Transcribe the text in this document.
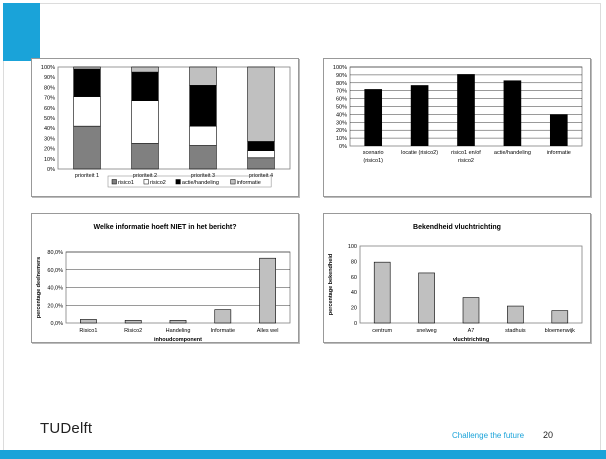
0%
10%
20%
30%
40%
50%
60%
70%
80%
90%
100%
prioriteit 1	prioriteit 2	prioriteit 3	prioriteit 4
risico1	risico2	actie/handeling	informatie
0%
10%
20%
30%
40%
50%
60%
70%
80%
90%
100%
scenario
(risico1)
locatie (risico2) risico1 en/of
risico2
actie/handeling	informatie
Welke informatie hoeft NIET in het bericht?
0,0%
20,0%
40,0%
60,0%
80,0%
Risico1	Risico2	Handeling	Informatie	Alles wel
inhoudcomponent
percentage deelnemers
Bekendheid vluchtrichting
0
20
40
60
80
100
centrum	snelweg	A7	stadhuis	bloemenwijk
vluchtrichting
percentage bekendheid
TUDelft	Challenge the future 20
